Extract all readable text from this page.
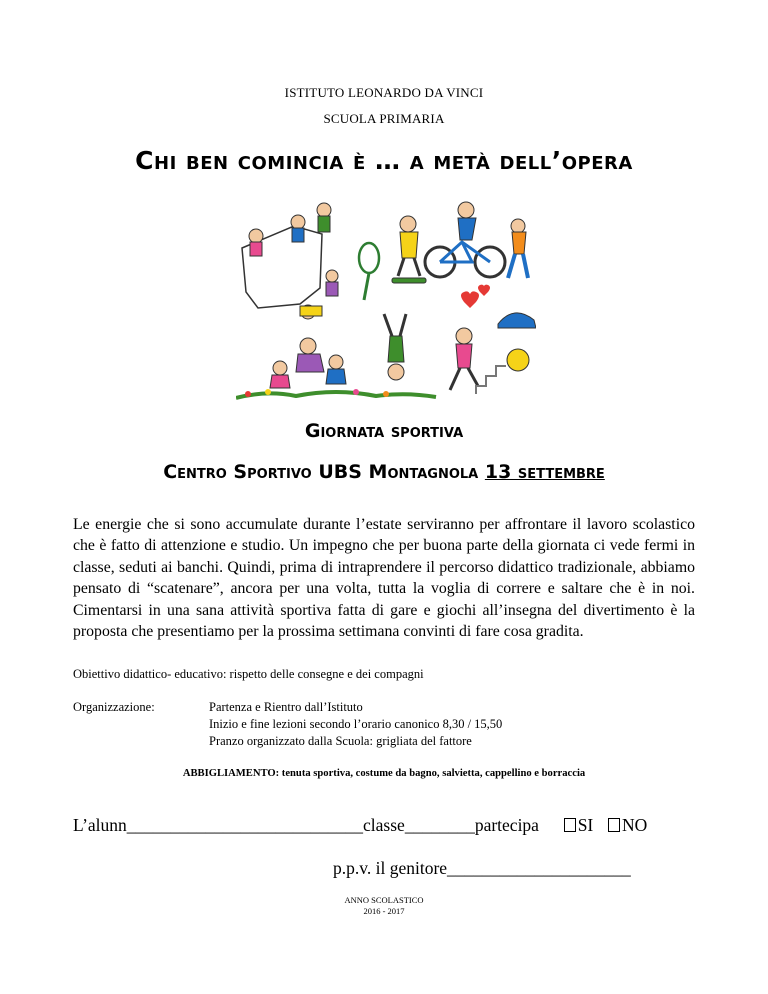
ISTITUTO LEONARDO DA VINCI
SCUOLA PRIMARIA
Chi ben comincia è … a metà dell’opera
Giornata sportiva
Centro Sportivo UBS Montagnola 13 settembre
Le energie che si sono accumulate durante l’estate serviranno per affrontare il lavoro scolastico che è fatto di attenzione e studio. Un impegno che per buona parte della giornata ci vede fermi in classe, seduti ai banchi. Quindi, prima di intraprendere il percorso didattico tradizionale, abbiamo pensato di “scatenare”, ancora per una volta, tutta la voglia di correre e saltare che è in noi. Cimentarsi in una sana attività sportiva fatta di gare e giochi all’insegna del divertimento è la proposta che presentiamo per la prossima settimana convinti di fare cosa gradita.
Obiettivo didattico- educativo: rispetto delle consegne e dei compagni
Organizzazione:	Partenza e Rientro dall’Istituto
Inizio e fine lezioni secondo l’orario canonico 8,30 / 15,50
Pranzo organizzato dalla Scuola: grigliata del fattore
ABBIGLIAMENTO: tenuta sportiva, costume da bagno, salvietta, cappellino e borraccia
L’alunn___________________________classe________partecipa SI NO
p.p.v. il genitore_____________________
ANNO SCOLASTICO
2016 - 2017
